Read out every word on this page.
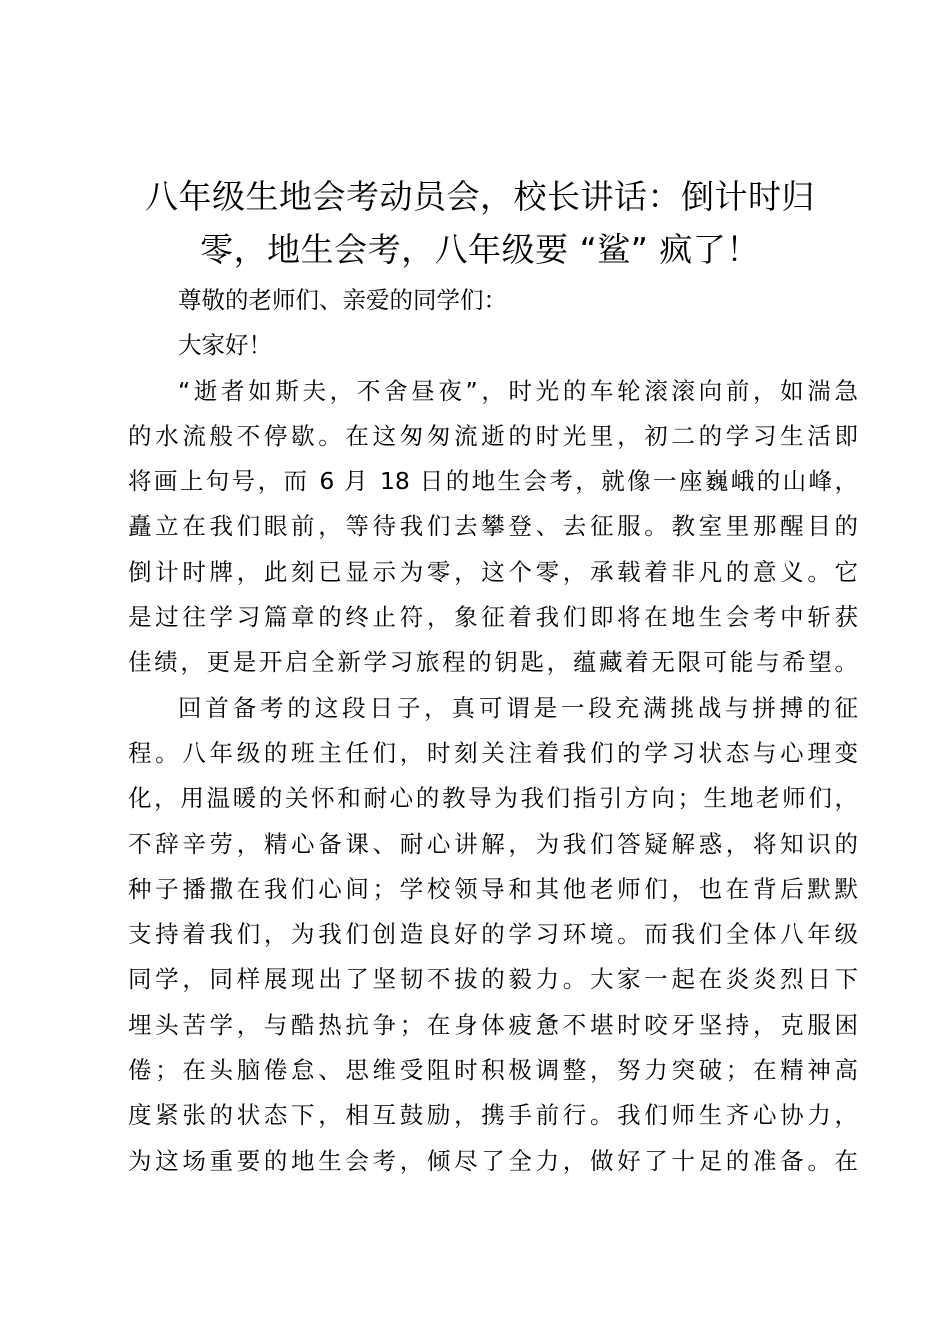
八年级生地会考动员会，校长讲话：倒计时归
零，地生会考，八年级要 “鲨” 疯了！
尊敬的老师们、亲爱的同学们：
大家好！
“逝者如斯夫，不舍昼夜”，时光的车轮滚滚向前，如湍急
的水流般不停歇。在这匆匆流逝的时光里，初二的学习生活即
将画上句号，而 6 月 18 日的地生会考，就像一座巍峨的山峰，
矗立在我们眼前，等待我们去攀登、去征服。教室里那醒目的
倒计时牌，此刻已显示为零，这个零，承载着非凡的意义。它
是过往学习篇章的终止符，象征着我们即将在地生会考中斩获
佳绩，更是开启全新学习旅程的钥匙，蕴藏着无限可能与希望。
回首备考的这段日子，真可谓是一段充满挑战与拼搏的征
程。八年级的班主任们，时刻关注着我们的学习状态与心理变
化，用温暖的关怀和耐心的教导为我们指引方向；生地老师们，
不辞辛劳，精心备课、耐心讲解，为我们答疑解惑，将知识的
种子播撒在我们心间；学校领导和其他老师们，也在背后默默
支持着我们，为我们创造良好的学习环境。而我们全体八年级
同学，同样展现出了坚韧不拔的毅力。大家一起在炎炎烈日下
埋头苦学，与酷热抗争；在身体疲惫不堪时咬牙坚持，克服困
倦；在头脑倦怠、思维受阻时积极调整，努力突破；在精神高
度紧张的状态下，相互鼓励，携手前行。我们师生齐心协力，
为这场重要的地生会考，倾尽了全力，做好了十足的准备。在
